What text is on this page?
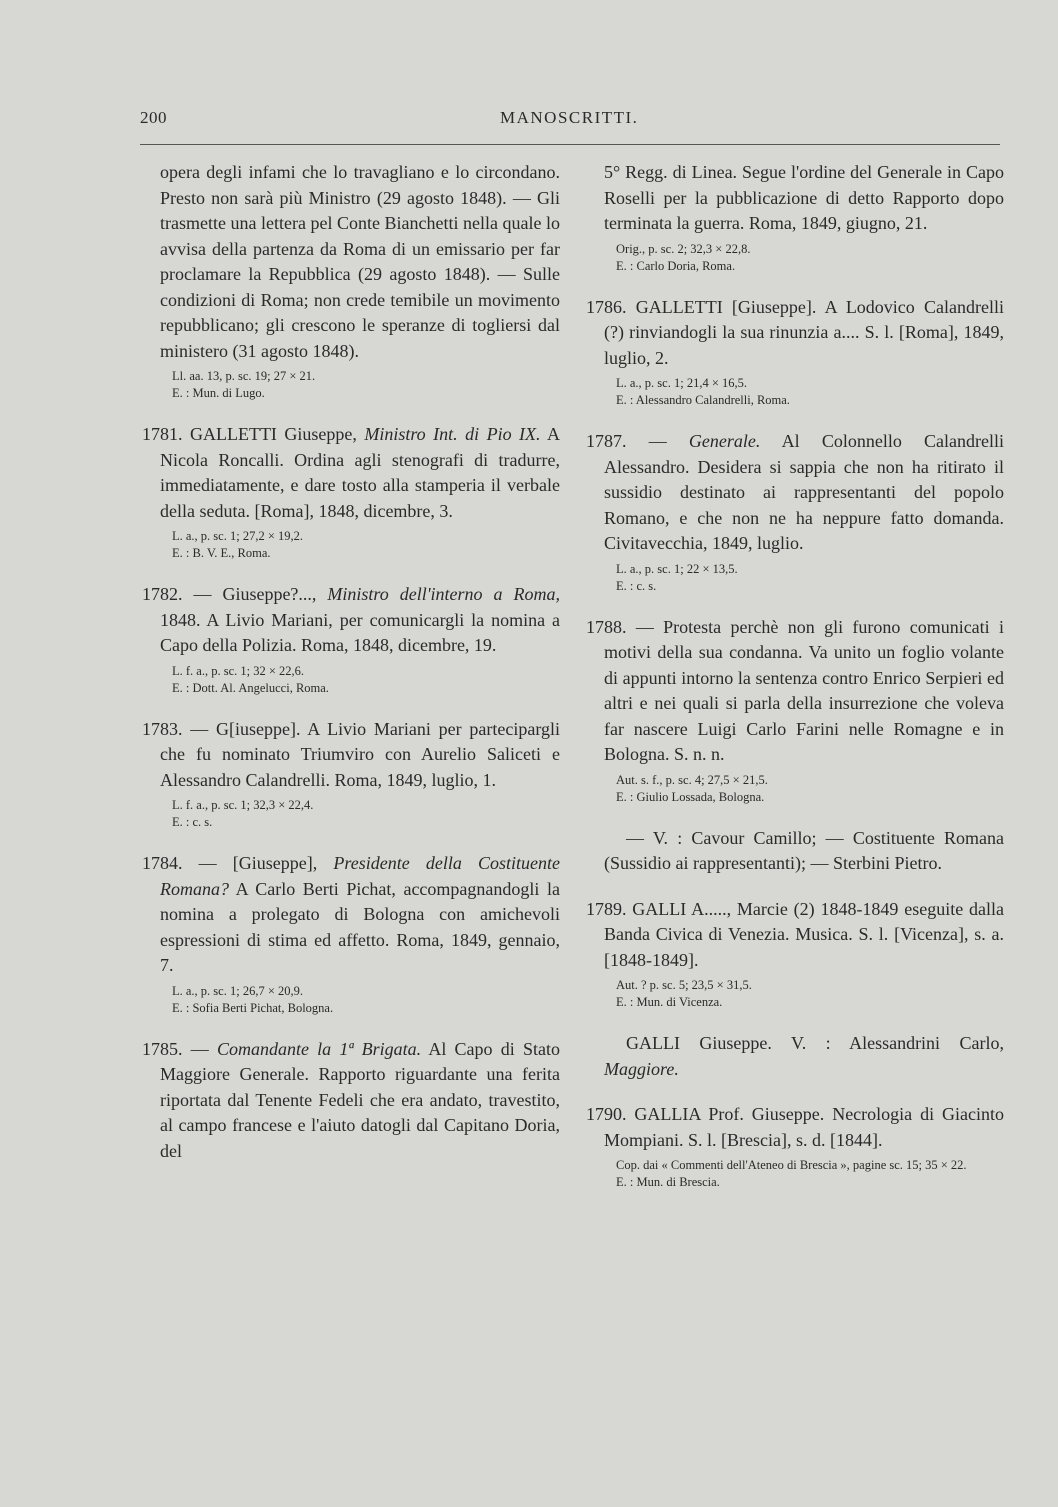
200	MANOSCRITTI.

opera degli infami che lo travagliano e lo circondano. Presto non sarà più Ministro (29 agosto 1848). — Gli trasmette una lettera pel Conte Bianchetti nella quale lo avvisa della partenza da Roma di un emissario per far proclamare la Repubblica (29 agosto 1848). — Sulle condizioni di Roma; non crede temibile un movimento repubblicano; gli crescono le speranze di togliersi dal ministero (31 agosto 1848).

Ll. aa. 13, p. sc. 19; 27 × 21.

E. : Mun. di Lugo.

1781. GALLETTI Giuseppe, Ministro Int. di Pio IX. A Nicola Roncalli. Ordina agli stenografi di tradurre, immediatamente, e dare tosto alla stamperia il verbale della seduta. [Roma], 1848, dicembre, 3.

L. a., p. sc. 1; 27,2 × 19,2.

E. : B. V. E., Roma.

1782. — Giuseppe?..., Ministro dell'interno a Roma, 1848. A Livio Mariani, per comunicargli la nomina a Capo della Polizia. Roma, 1848, dicembre, 19.

L. f. a., p. sc. 1; 32 × 22,6.

E. : Dott. Al. Angelucci, Roma.

1783. — G[iuseppe]. A Livio Mariani per partecipargli che fu nominato Triumviro con Aurelio Saliceti e Alessandro Calandrelli. Roma, 1849, luglio, 1.

L. f. a., p. sc. 1; 32,3 × 22,4.

E. : c. s.

1784. — [Giuseppe], Presidente della Costituente Romana? A Carlo Berti Pichat, accompagnandogli la nomina a prolegato di Bologna con amichevoli espressioni di stima ed affetto. Roma, 1849, gennaio, 7.

L. a., p. sc. 1; 26,7 × 20,9.

E. : Sofia Berti Pichat, Bologna.

1785. — Comandante la 1ª Brigata. Al Capo di Stato Maggiore Generale. Rapporto riguardante una ferita riportata dal Tenente Fedeli che era andato, travestito, al campo francese e l'aiuto datogli dal Capitano Doria, del

5° Regg. di Linea. Segue l'ordine del Generale in Capo Roselli per la pubblicazione di detto Rapporto dopo terminata la guerra. Roma, 1849, giugno, 21.

Orig., p. sc. 2; 32,3 × 22,8.

E. : Carlo Doria, Roma.

1786. GALLETTI [Giuseppe]. A Lodovico Calandrelli (?) rinviandogli la sua rinunzia a.... S. l. [Roma], 1849, luglio, 2.

L. a., p. sc. 1; 21,4 × 16,5.

E. : Alessandro Calandrelli, Roma.

1787. — Generale. Al Colonnello Calandrelli Alessandro. Desidera si sappia che non ha ritirato il sussidio destinato ai rappresentanti del popolo Romano, e che non ne ha neppure fatto domanda. Civitavecchia, 1849, luglio.

L. a., p. sc. 1; 22 × 13,5.

E. : c. s.

1788. — Protesta perchè non gli furono comunicati i motivi della sua condanna. Va unito un foglio volante di appunti intorno la sentenza contro Enrico Serpieri ed altri e nei quali si parla della insurrezione che voleva far nascere Luigi Carlo Farini nelle Romagne e in Bologna. S. n. n.

Aut. s. f., p. sc. 4; 27,5 × 21,5.

E. : Giulio Lossada, Bologna.

— V. : Cavour Camillo; — Costituente Romana (Sussidio ai rappresentanti); — Sterbini Pietro.

1789. GALLI A....., Marcie (2) 1848-1849 eseguite dalla Banda Civica di Venezia. Musica. S. l. [Vicenza], s. a. [1848-1849].

Aut. ? p. sc. 5; 23,5 × 31,5.

E. : Mun. di Vicenza.

GALLI Giuseppe. V. : Alessandrini Carlo, Maggiore.

1790. GALLIA Prof. Giuseppe. Necrologia di Giacinto Mompiani. S. l. [Brescia], s. d. [1844].

Cop. dai « Commenti dell'Ateneo di Brescia », pagine sc. 15; 35 × 22.

E. : Mun. di Brescia.
